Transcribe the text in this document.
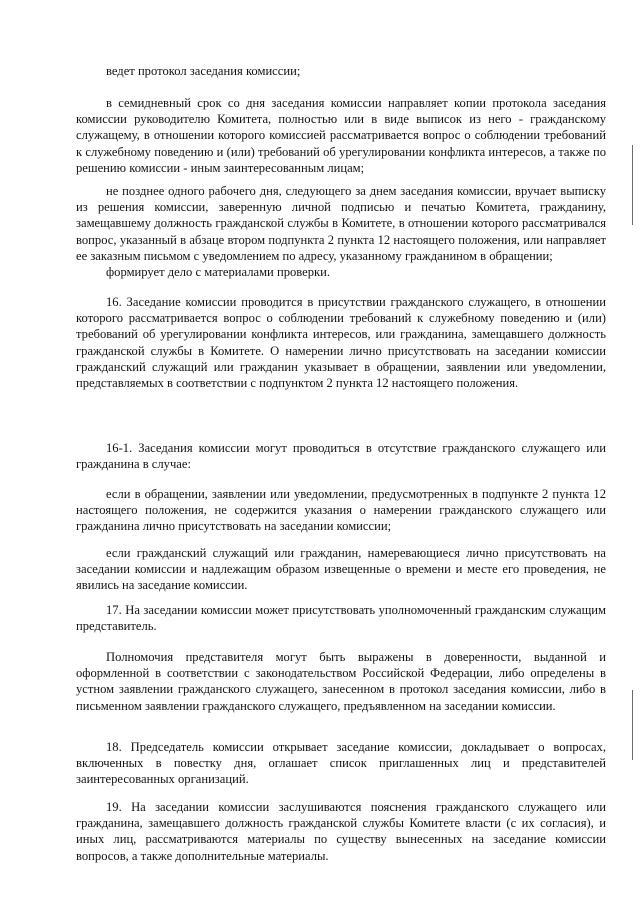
ведет протокол заседания комиссии;

в семидневный срок со дня заседания комиссии направляет копии протокола заседания комиссии руководителю Комитета, полностью или в виде выписок из него - гражданскому служащему, в отношении которого комиссией рассматривается вопрос о соблюдении требований к служебному поведению и (или) требований об урегулировании конфликта интересов, а также по решению комиссии - иным заинтересованным лицам;

не позднее одного рабочего дня, следующего за днем заседания комиссии, вручает выписку из решения комиссии, заверенную личной подписью и печатью Комитета, гражданину, замещавшему должность гражданской службы в Комитете, в отношении которого рассматривался вопрос, указанный в абзаце втором подпункта 2 пункта 12 настоящего положения, или направляет ее заказным письмом с уведомлением по адресу, указанному гражданином в обращении;

формирует дело с материалами проверки.

16. Заседание комиссии проводится в присутствии гражданского служащего, в отношении которого рассматривается вопрос о соблюдении требований к служебному поведению и (или) требований об урегулировании конфликта интересов, или гражданина, замещавшего должность гражданской службы в Комитете. О намерении лично присутствовать на заседании комиссии гражданский служащий или гражданин указывает в обращении, заявлении или уведомлении, представляемых в соответствии с подпунктом 2 пункта 12 настоящего положения.

16-1. Заседания комиссии могут проводиться в отсутствие гражданского служащего или гражданина в случае:

если в обращении, заявлении или уведомлении, предусмотренных в подпункте 2 пункта 12 настоящего положения, не содержится указания о намерении гражданского служащего или гражданина лично присутствовать на заседании комиссии;

если гражданский служащий или гражданин, намеревающиеся лично присутствовать на заседании комиссии и надлежащим образом извещенные о времени и месте его проведения, не явились на заседание комиссии.

17. На заседании комиссии может присутствовать уполномоченный гражданским служащим представитель.

Полномочия представителя могут быть выражены в доверенности, выданной и оформленной в соответствии с законодательством Российской Федерации, либо определены в устном заявлении гражданского служащего, занесенном в протокол заседания комиссии, либо в письменном заявлении гражданского служащего, предъявленном на заседании комиссии.

18. Председатель комиссии открывает заседание комиссии, докладывает о вопросах, включенных в повестку дня, оглашает список приглашенных лиц и представителей заинтересованных организаций.

19. На заседании комиссии заслушиваются пояснения гражданского служащего или гражданина, замещавшего должность гражданской службы Комитете власти (с их согласия), и иных лиц, рассматриваются материалы по существу вынесенных на заседание комиссии вопросов, а также дополнительные материалы.
